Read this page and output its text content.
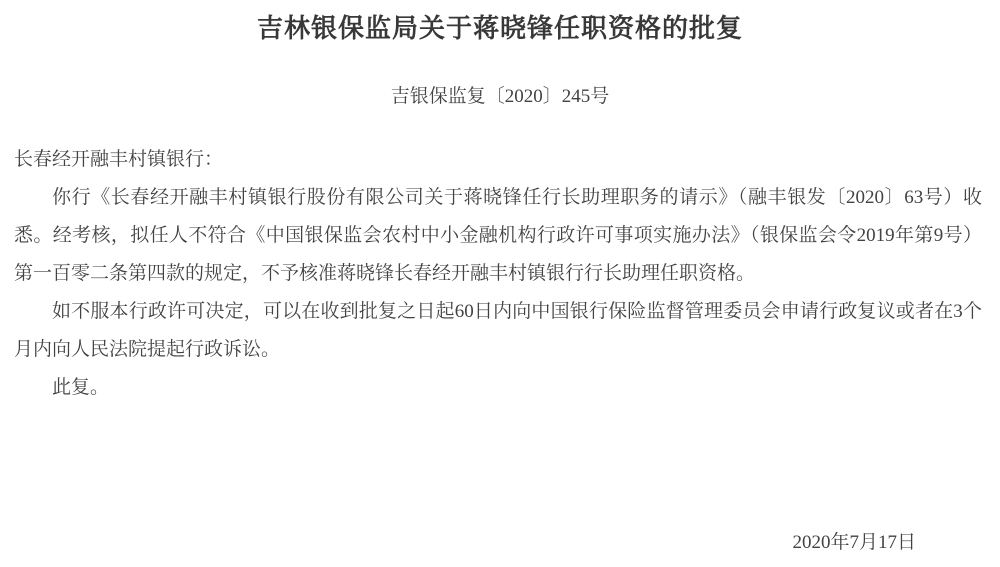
吉林银保监局关于蒋晓锋任职资格的批复
吉银保监复〔2020〕245号

长春经开融丰村镇银行：

你行《长春经开融丰村镇银行股份有限公司关于蒋晓锋任行长助理职务的请示》（融丰银发〔2020〕63号）收悉。经考核，拟任人不符合《中国银保监会农村中小金融机构行政许可事项实施办法》（银保监会令2019年第9号）第一百零二条第四款的规定，不予核准蒋晓锋长春经开融丰村镇银行行长助理任职资格。

如不服本行政许可决定，可以在收到批复之日起60日内向中国银行保险监督管理委员会申请行政复议或者在3个月内向人民法院提起行政诉讼。

此复。

2020年7月17日
